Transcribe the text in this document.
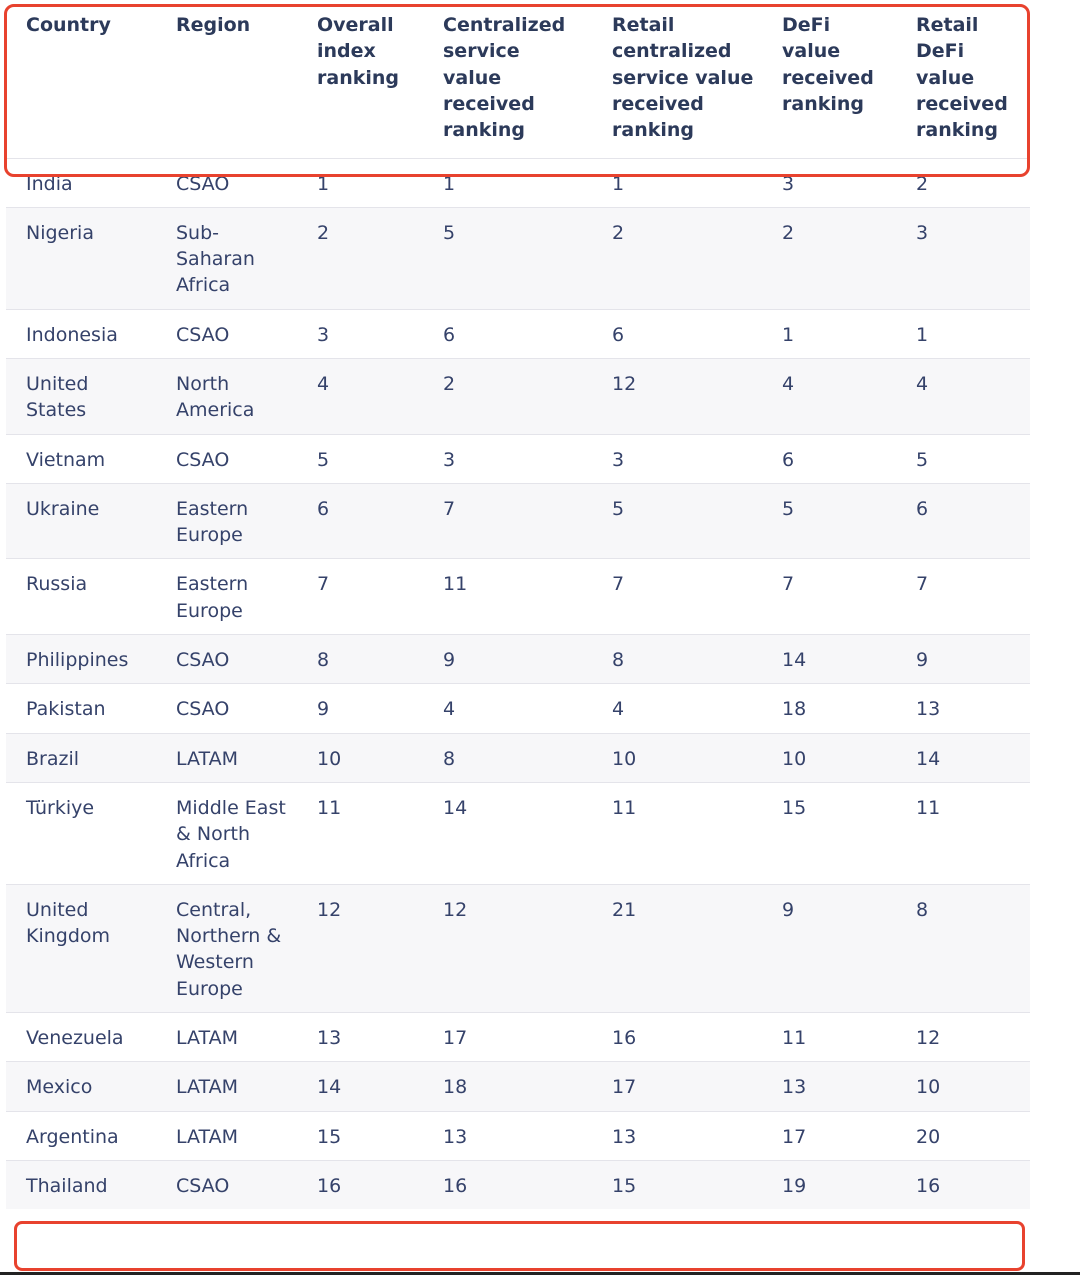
Country	Region	Overall index ranking	Centralized service value received ranking	Retail centralized service value received ranking	DeFi value received ranking	Retail DeFi value received ranking
India	CSAO	1	1	1	3	2
Nigeria	Sub-Saharan Africa	2	5	2	2	3
Indonesia	CSAO	3	6	6	1	1
United States	North America	4	2	12	4	4
Vietnam	CSAO	5	3	3	6	5
Ukraine	Eastern Europe	6	7	5	5	6
Russia	Eastern Europe	7	11	7	7	7
Philippines	CSAO	8	9	8	14	9
Pakistan	CSAO	9	4	4	18	13
Brazil	LATAM	10	8	10	10	14
Türkiye	Middle East & North Africa	11	14	11	15	11
United Kingdom	Central, Northern & Western Europe	12	12	21	9	8
Venezuela	LATAM	13	17	16	11	12
Mexico	LATAM	14	18	17	13	10
Argentina	LATAM	15	13	13	17	20
Thailand	CSAO	16	16	15	19	16
